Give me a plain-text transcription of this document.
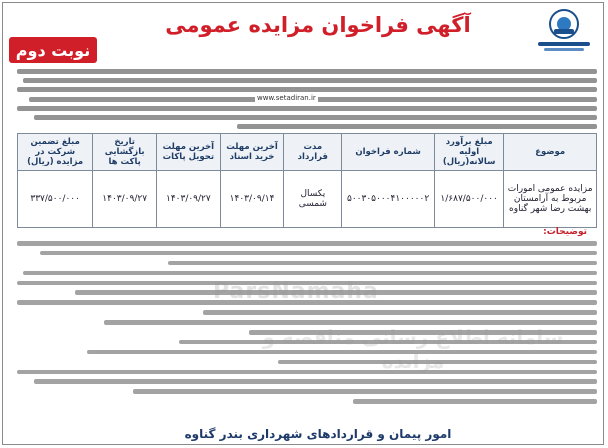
آگهی فراخوان مزایده عمومی
نوبت دوم
www.setadiran.ir
موضوع	مبلغ برآورد اولیه سالانه(ریال)	شماره فراخوان	مدت قرارداد	آخرین مهلت خرید اسناد	آخرین مهلت تحویل پاکات	تاریخ بازگشایی پاکت ها	مبلغ تضمین شرکت در مزایده (ریال)
مزایده عمومی امورات مربوط به آرامستان بهشت رضا شهر گناوه	۱/۶۸۷/۵۰۰/۰۰۰	۵۰۰۳۰۵۰۰۰۴۱۰۰۰۰۰۲	یکسال شمسی	۱۴۰۳/۰۹/۱۴	۱۴۰۳/۰۹/۲۷	۱۴۰۳/۰۹/۲۷	۳۳۷/۵۰۰/۰۰۰
توضیحات:
ParsNamaha
سامانه اطلاع رسانی مناقصه و مزایده
امور پیمان و قراردادهای شهرداری بندر گناوه
